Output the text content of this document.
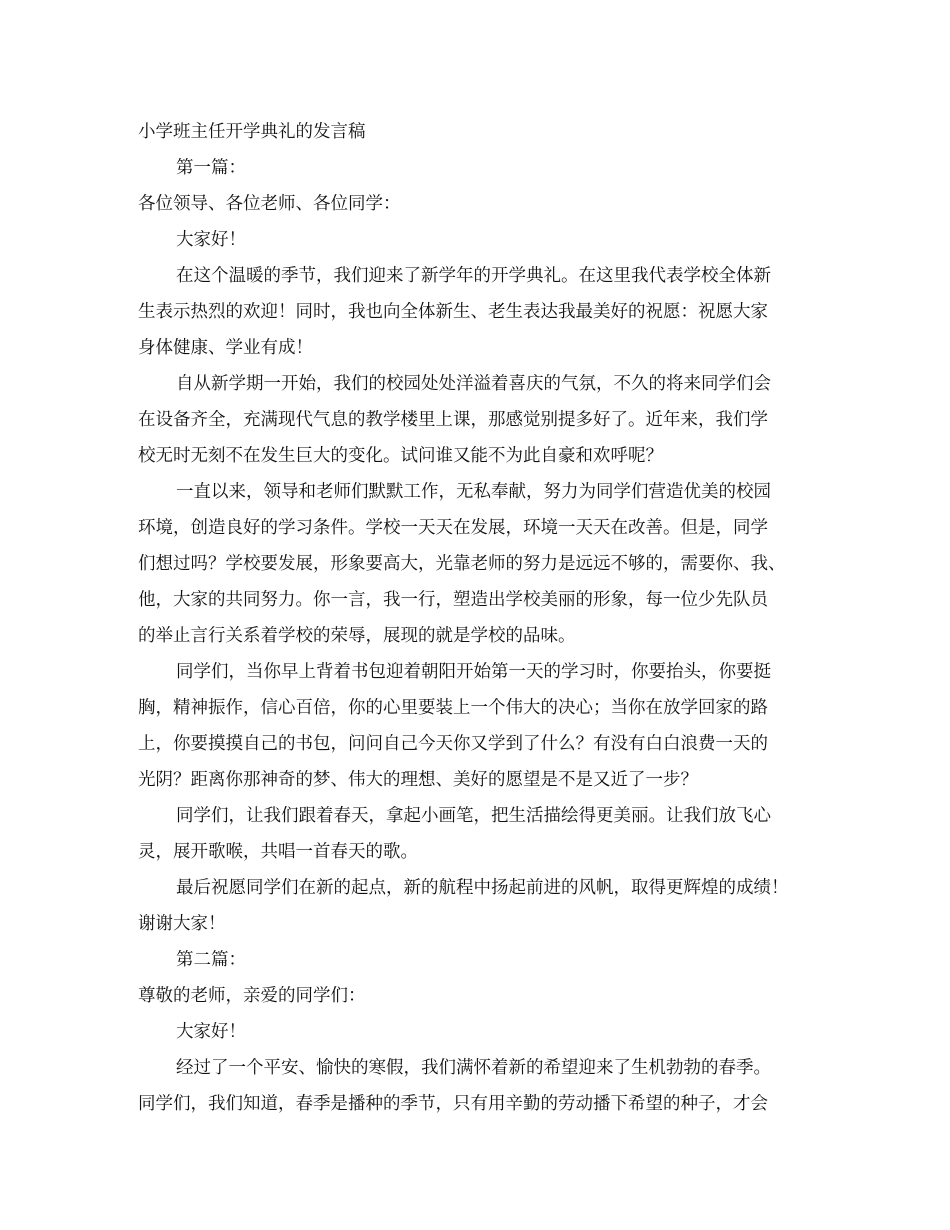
小学班主任开学典礼的发言稿

第一篇：

各位领导、各位老师、各位同学：

大家好！

在这个温暖的季节，我们迎来了新学年的开学典礼。在这里我代表学校全体新

生表示热烈的欢迎！同时，我也向全体新生、老生表达我最美好的祝愿：祝愿大家

身体健康、学业有成！

自从新学期一开始，我们的校园处处洋溢着喜庆的气氛，不久的将来同学们会

在设备齐全，充满现代气息的教学楼里上课，那感觉别提多好了。近年来，我们学

校无时无刻不在发生巨大的变化。试问谁又能不为此自豪和欢呼呢？

一直以来，领导和老师们默默工作，无私奉献，努力为同学们营造优美的校园

环境，创造良好的学习条件。学校一天天在发展，环境一天天在改善。但是，同学

们想过吗？学校要发展，形象要高大，光靠老师的努力是远远不够的，需要你、我、

他，大家的共同努力。你一言，我一行，塑造出学校美丽的形象，每一位少先队员

的举止言行关系着学校的荣辱，展现的就是学校的品味。

同学们，当你早上背着书包迎着朝阳开始第一天的学习时，你要抬头，你要挺

胸，精神振作，信心百倍，你的心里要装上一个伟大的决心；当你在放学回家的路

上，你要摸摸自己的书包，问问自己今天你又学到了什么？有没有白白浪费一天的

光阴？距离你那神奇的梦、伟大的理想、美好的愿望是不是又近了一步？

同学们，让我们跟着春天，拿起小画笔，把生活描绘得更美丽。让我们放飞心

灵，展开歌喉，共唱一首春天的歌。

最后祝愿同学们在新的起点，新的航程中扬起前进的风帆，取得更辉煌的成绩！

谢谢大家！

第二篇：

尊敬的老师，亲爱的同学们：

大家好！

经过了一个平安、愉快的寒假，我们满怀着新的希望迎来了生机勃勃的春季。

同学们，我们知道，春季是播种的季节，只有用辛勤的劳动播下希望的种子，才会
